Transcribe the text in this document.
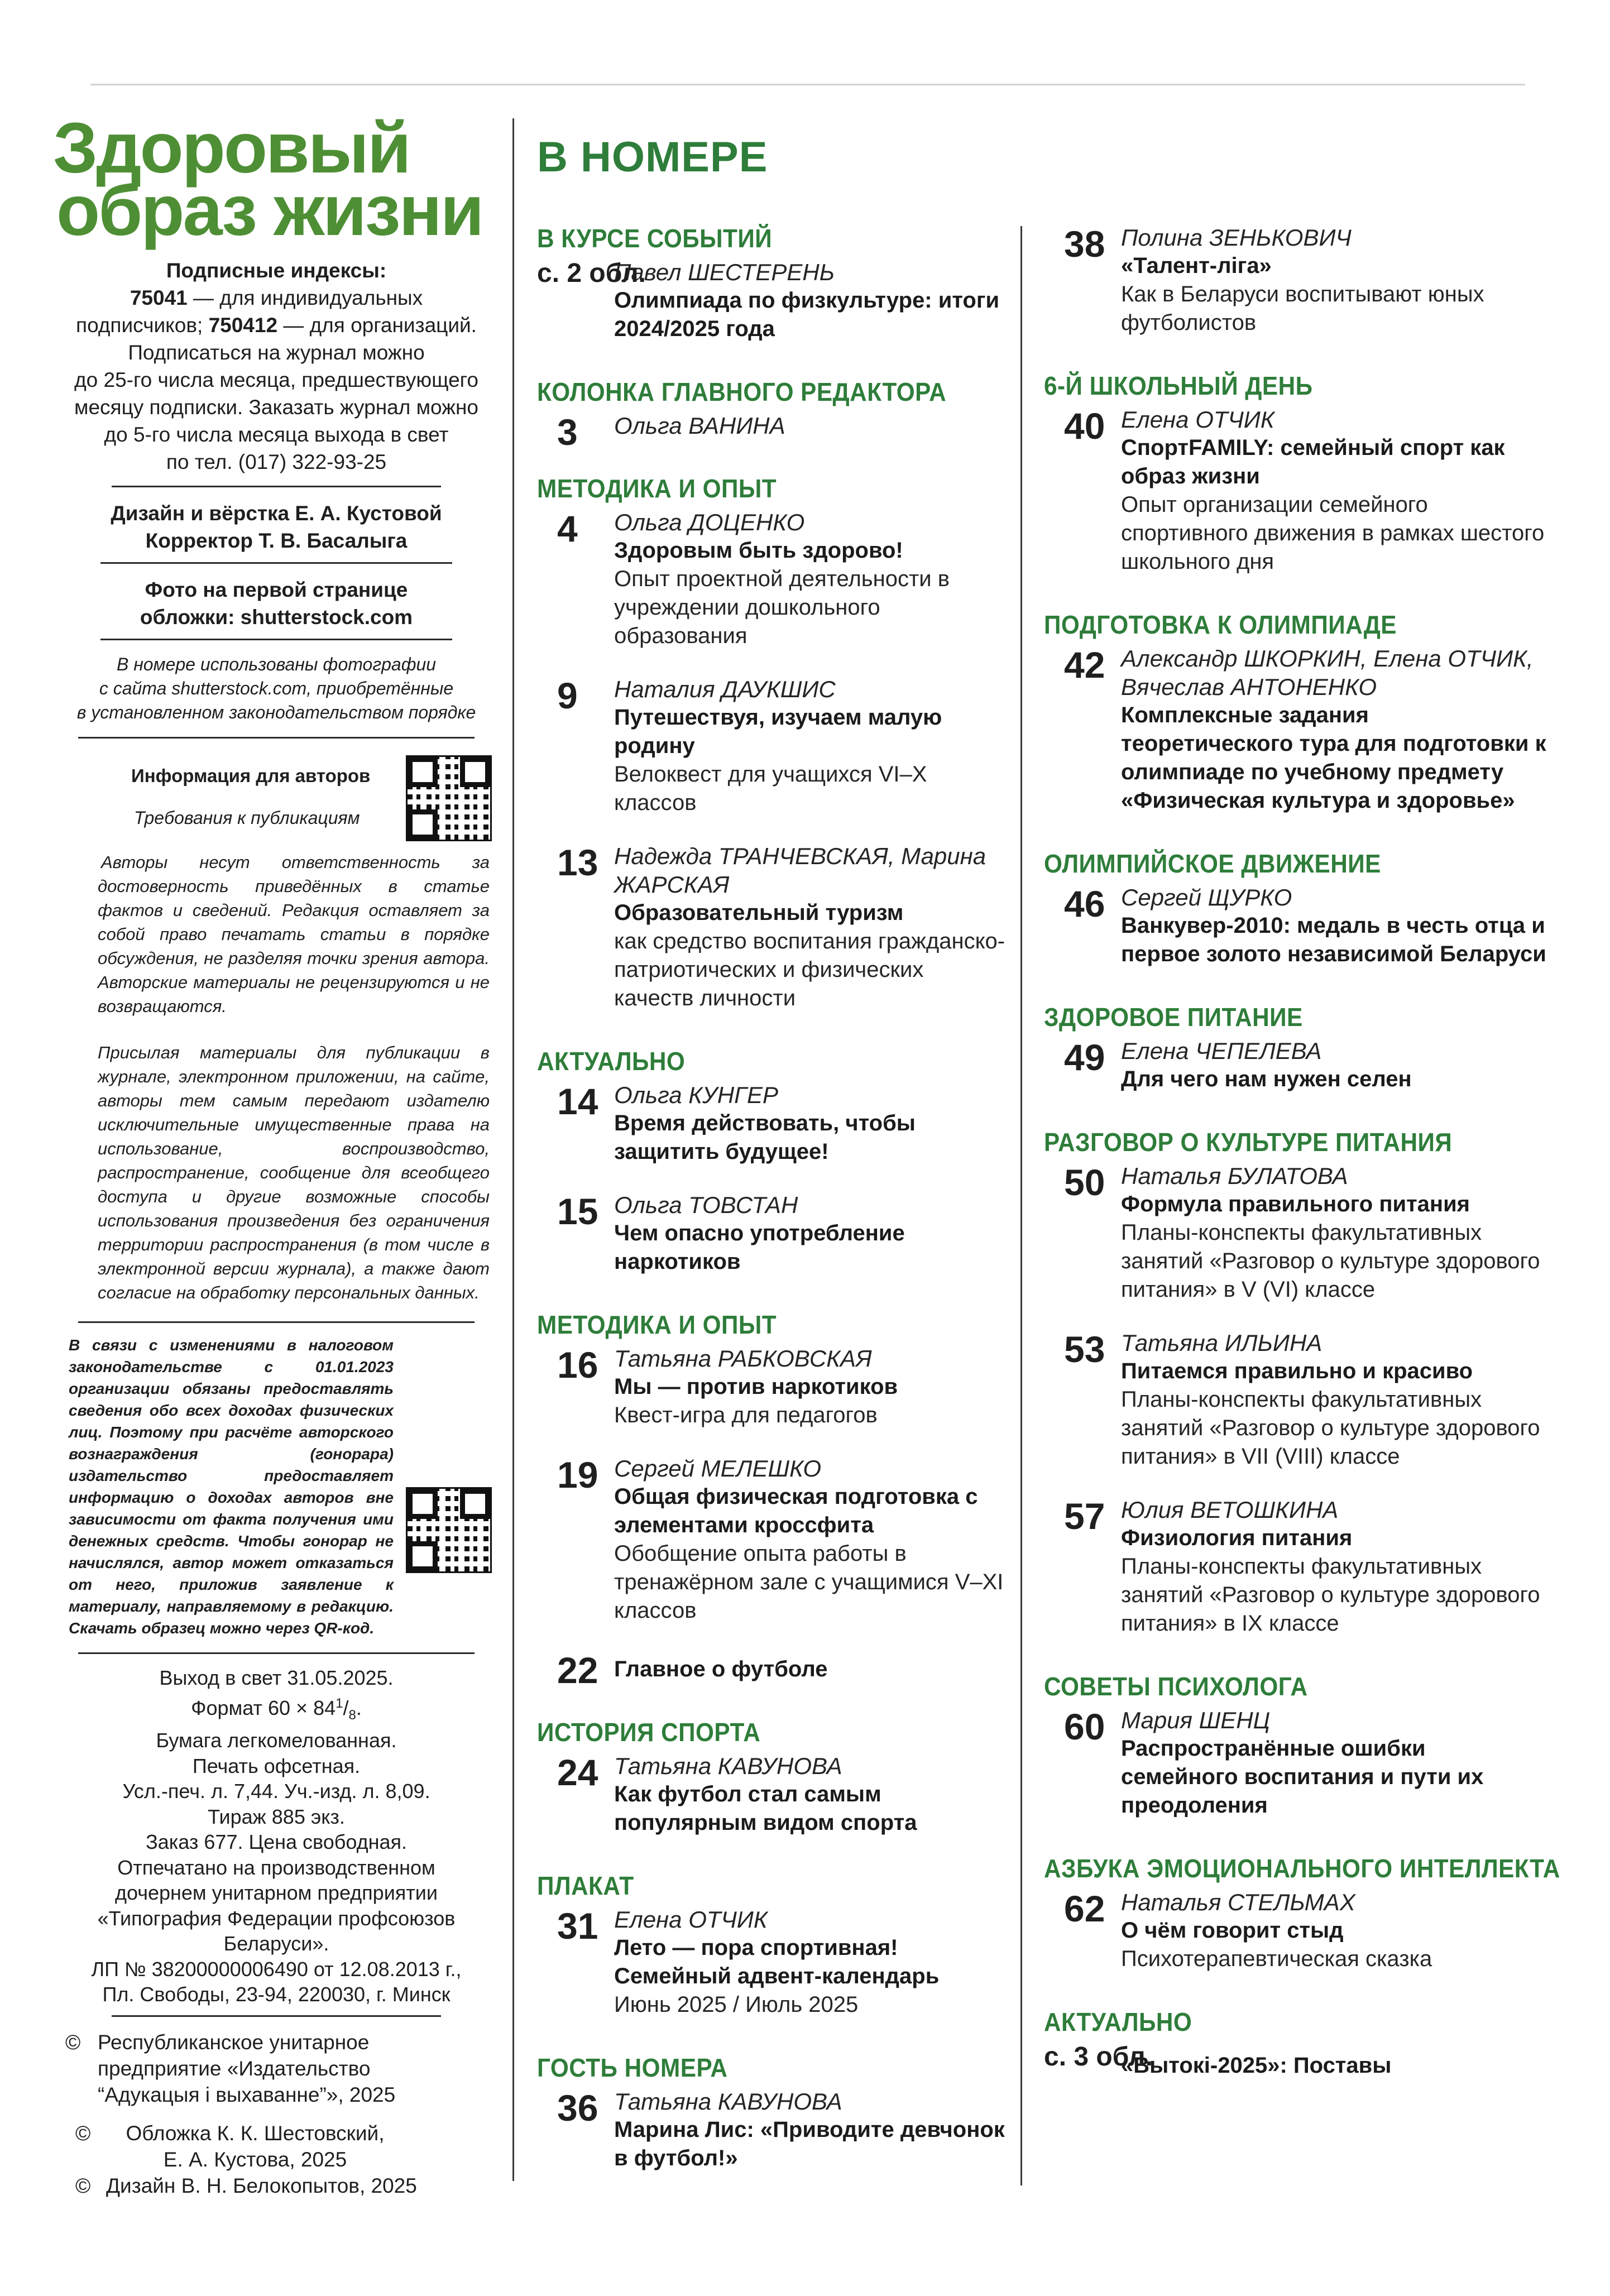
Здоровый

образ жизни

Подписные индексы:
75041 — для индивидуальных
подписчиков; 750412 — для организаций.
Подписаться на журнал можно
до 25-го числа месяца, предшествующего
месяцу подписки. Заказать журнал можно
до 5-го числа месяца выхода в свет
по тел. (017) 322-93-25
Дизайн и вёрстка Е. А. Кустовой
Корректор Т. В. Басалыга
Фото на первой странице
обложки: shutterstock.com
В номере использованы фотографии
с сайта shutterstock.com, приобретённые
в установленном законодательством порядке
Информация для авторов
Требования к публикациям
Авторы несут ответственность за достоверность приведённых в статье фактов и сведений. Редакция оставляет за собой право печатать статьи в порядке обсуждения, не разделяя точки зрения автора. Авторские материалы не рецензируются и не возвращаются.
Присылая материалы для публикации в журнале, электронном приложении, на сайте, авторы тем самым передают издателю исключительные имущественные права на использование, воспроизводство, распространение, сообщение для всеобщего доступа и другие возможные способы использования произведения без ограничения территории распространения (в том числе в электронной версии журнала), а также дают согласие на обработку персональных данных.
В связи с изменениями в налоговом законодательстве с 01.01.2023 организации обязаны предоставлять сведения обо всех доходах физических лиц. Поэтому при расчёте авторского вознаграждения (гонорара) издательство предоставляет информацию о доходах авторов вне зависимости от факта получения ими денежных средств. Чтобы гонорар не начислялся, автор может отказаться от него, приложив заявление к материалу, направляемому в редакцию. Скачать образец можно через QR-код.
Выход в свет 31.05.2025.
Формат $60 \times 84^1/_8$.
Бумага легкомелованная.
Печать офсетная.
Усл.-печ. л. 7,44. Уч.-изд. л. 8,09.
Тираж 885 экз.
Заказ 677. Цена свободная.
Отпечатано на производственном
дочернем унитарном предприятии
«Типография Федерации профсоюзов
Беларуси».
ЛП № 38200000006490 от 12.08.2013 г.,
Пл. Свободы, 23-94, 220030, г. Минск
© Республиканское унитарное
предприятие «Издательство
“Адукацыя і выхаванне”», 2025
©	Обложка К. К. Шестовский,
Е. А. Кустова, 2025
© Дизайн В. Н. Белокопытов, 2025
В НОМЕРЕ
В КУРСЕ СОБЫТИЙ
с. 2 обл.
Павел ШЕСТЕРЕНЬ
Олимпиада по физкультуре: итоги 2024/2025 года
КОЛОНКА ГЛАВНОГО РЕДАКТОРА
3 Ольга ВАНИНА
МЕТОДИКА И ОПЫТ
4 Ольга ДОЦЕНКО
Здоровым быть здорово!
Опыт проектной деятельности в учреждении дошкольного образования
9 Наталия ДАУКШИС
Путешествуя, изучаем малую родину
Велоквест для учащихся VI–X классов
13 Надежда ТРАНЧЕВСКАЯ, Марина ЖАРСКАЯ
Образовательный туризм
как средство воспитания гражданско-патриотических и физических качеств личности
АКТУАЛЬНО
14 Ольга КУНГЕР
Время действовать, чтобы защитить будущее!
15 Ольга ТОВСТАН
Чем опасно употребление наркотиков
МЕТОДИКА И ОПЫТ
16 Татьяна РАБКОВСКАЯ
Мы — против наркотиков
Квест-игра для педагогов
19 Сергей МЕЛЕШКО
Общая физическая подготовка с элементами кроссфита
Обобщение опыта работы в тренажёрном зале с учащимися V–XI классов
22 Главное о футболе
ИСТОРИЯ СПОРТА
24 Татьяна КАВУНОВА
Как футбол стал самым популярным видом спорта
ПЛАКАТ
31 Елена ОТЧИК
Лето — пора спортивная! Семейный адвент-календарь
Июнь 2025 / Июль 2025
ГОСТЬ НОМЕРА
36 Татьяна КАВУНОВА
Марина Лис: «Приводите девчонок в футбол!»
38 Полина ЗЕНЬКОВИЧ
«Талент-ліга»
Как в Беларуси воспитывают юных футболистов
6-Й ШКОЛЬНЫЙ ДЕНЬ
40 Елена ОТЧИК
СпортFAMILY: семейный спорт как образ жизни
Опыт организации семейного спортивного движения в рамках шестого школьного дня
ПОДГОТОВКА К ОЛИМПИАДЕ
42 Александр ШКОРКИН, Елена ОТЧИК, Вячеслав АНТОНЕНКО
Комплексные задания теоретического тура для подготовки к олимпиаде по учебному предмету «Физическая культура и здоровье»
ОЛИМПИЙСКОЕ ДВИЖЕНИЕ
46 Сергей ЩУРКО
Ванкувер-2010: медаль в честь отца и первое золото независимой Беларуси
ЗДОРОВОЕ ПИТАНИЕ
49 Елена ЧЕПЕЛЕВА
Для чего нам нужен селен
РАЗГОВОР О КУЛЬТУРЕ ПИТАНИЯ
50 Наталья БУЛАТОВА
Формула правильного питания
Планы-конспекты факультативных занятий «Разговор о культуре здорового питания» в V (VI) классе
53 Татьяна ИЛЬИНА
Питаемся правильно и красиво
Планы-конспекты факультативных занятий «Разговор о культуре здорового питания» в VII (VIII) классе
57 Юлия ВЕТОШКИНА
Физиология питания
Планы-конспекты факультативных занятий «Разговор о культуре здорового питания» в IX классе
СОВЕТЫ ПСИХОЛОГА
60 Мария ШЕНЦ
Распространённые ошибки семейного воспитания и пути их преодоления
АЗБУКА ЭМОЦИОНАЛЬНОГО ИНТЕЛЛЕКТА
62 Наталья СТЕЛЬМАХ
О чём говорит стыд
Психотерапевтическая сказка
АКТУАЛЬНО
с. 3 обл.
«Вытокі-2025»: Поставы
